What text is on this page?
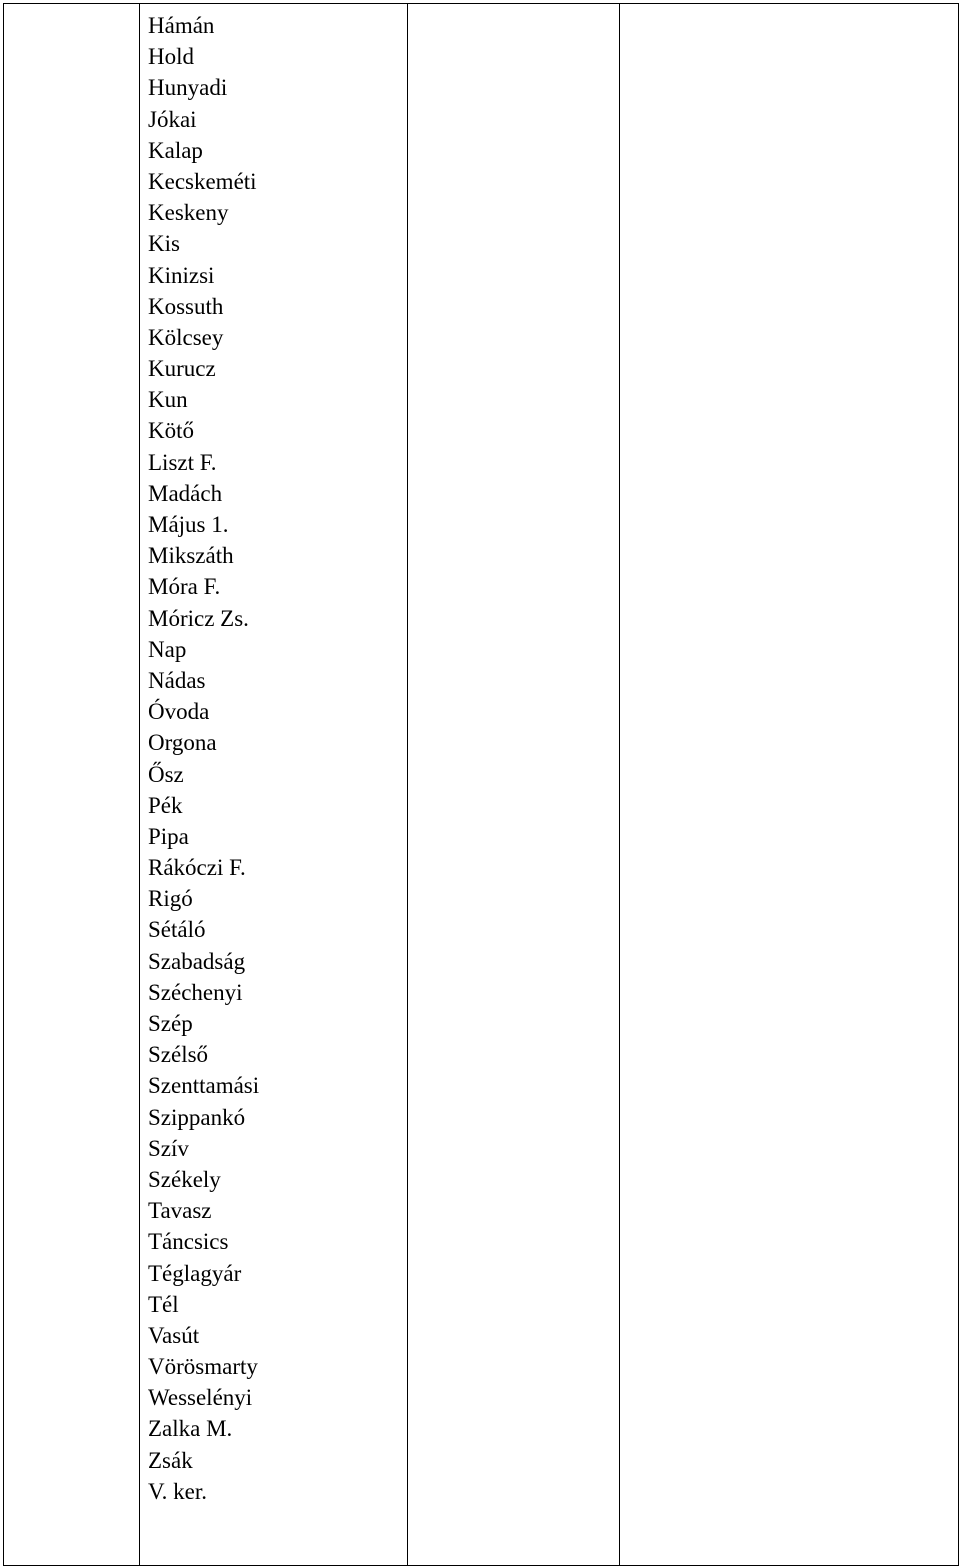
Hámán
Hold
Hunyadi
Jókai
Kalap
Kecskeméti
Keskeny
Kis
Kinizsi
Kossuth
Kölcsey
Kurucz
Kun
Kötő
Liszt F.
Madách
Május 1.
Mikszáth
Móra F.
Móricz Zs.
Nap
Nádas
Óvoda
Orgona
Ősz
Pék
Pipa
Rákóczi F.
Rigó
Sétáló
Szabadság
Széchenyi
Szép
Szélső
Szenttamási
Szippankó
Szív
Székely
Tavasz
Táncsics
Téglagyár
Tél
Vasút
Vörösmarty
Wesselényi
Zalka M.
Zsák
V. ker.
